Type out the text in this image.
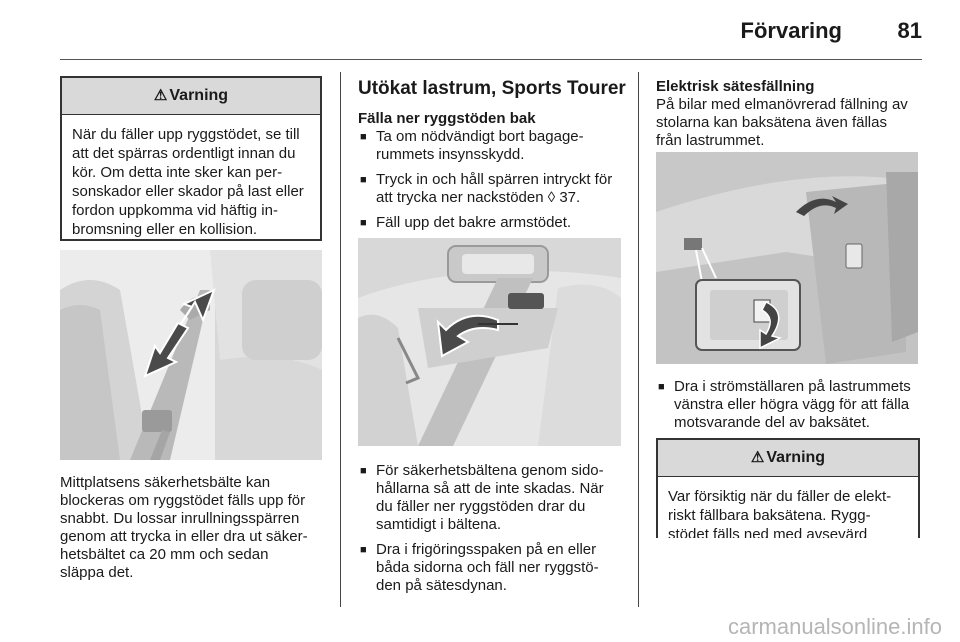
Förvaring	81
⚠ Varning
När du fäller upp ryggstödet, se till
att det spärras ordentligt innan du
kör. Om detta inte sker kan per-
sonskador eller skador på last eller
fordon uppkomma vid häftig in-
bromsning eller en kollision.
Mittplatsens säkerhetsbälte kan
blockeras om ryggstödet fälls upp för
snabbt. Du lossar inrullningsspärren
genom att trycka in eller dra ut säker-
hetsbältet ca 20 mm och sedan
släppa det.
Utökat lastrum, Sports Tourer
Fälla ner ryggstöden bak
■ Ta om nödvändigt bort bagage-
rummets insynsskydd.
■ Tryck in och håll spärren intryckt för
att trycka ner nackstöden ◊ 37.
■ Fäll upp det bakre armstödet.
■ För säkerhetsbältena genom sido-
hållarna så att de inte skadas. När
du fäller ner ryggstöden drar du
samtidigt i bältena.
■ Dra i frigöringsspaken på en eller
båda sidorna och fäll ner ryggstö-
den på sätesdynan.
Elektrisk sätesfällning
På bilar med elmanövrerad fällning av
stolarna kan baksätena även fällas
från lastrummet.
■ Dra i strömställaren på lastrummets
vänstra eller högra vägg för att fälla
motsvarande del av baksätet.
⚠ Varning
Var försiktig när du fäller de elekt-
riskt fällbara baksätena. Rygg-
stödet fälls ned med avsevärd
carmanualsonline.info
